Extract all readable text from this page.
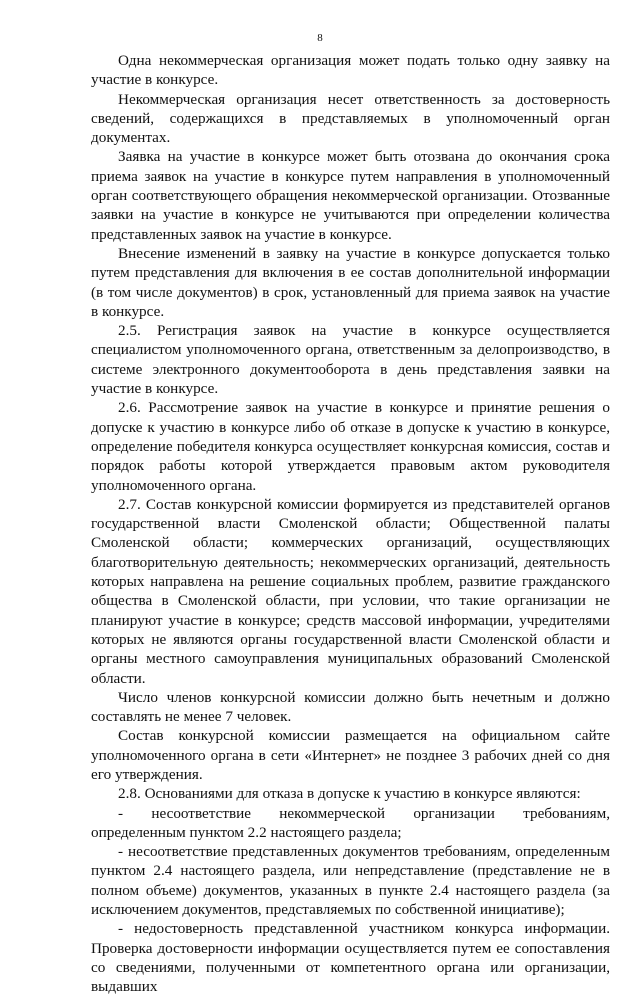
8

Одна некоммерческая организация может подать только одну заявку на участие в конкурсе.

Некоммерческая организация несет ответственность за достоверность сведений, содержащихся в представляемых в уполномоченный орган документах.

Заявка на участие в конкурсе может быть отозвана до окончания срока приема заявок на участие в конкурсе путем направления в уполномоченный орган соответствующего обращения некоммерческой организации. Отозванные заявки на участие в конкурсе не учитываются при определении количества представленных заявок на участие в конкурсе.

Внесение изменений в заявку на участие в конкурсе допускается только путем представления для включения в ее состав дополнительной информации (в том числе документов) в срок, установленный для приема заявок на участие в конкурсе.

2.5. Регистрация заявок на участие в конкурсе осуществляется специалистом уполномоченного органа, ответственным за делопроизводство, в системе электронного документооборота в день представления заявки на участие в конкурсе.

2.6. Рассмотрение заявок на участие в конкурсе и принятие решения о допуске к участию в конкурсе либо об отказе в допуске к участию в конкурсе, определение победителя конкурса осуществляет конкурсная комиссия, состав и порядок работы которой утверждается правовым актом руководителя уполномоченного органа.

2.7. Состав конкурсной комиссии формируется из представителей органов государственной власти Смоленской области; Общественной палаты Смоленской области; коммерческих организаций, осуществляющих благотворительную деятельность; некоммерческих организаций, деятельность которых направлена на решение социальных проблем, развитие гражданского общества в Смоленской области, при условии, что такие организации не планируют участие в конкурсе; средств массовой информации, учредителями которых не являются органы государственной власти Смоленской области и органы местного самоуправления муниципальных образований Смоленской области.

Число членов конкурсной комиссии должно быть нечетным и должно составлять не менее 7 человек.

Состав конкурсной комиссии размещается на официальном сайте уполномоченного органа в сети «Интернет» не позднее 3 рабочих дней со дня его утверждения.

2.8. Основаниями для отказа в допуске к участию в конкурсе являются:

- несоответствие некоммерческой организации требованиям, определенным пунктом 2.2 настоящего раздела;

- несоответствие представленных документов требованиям, определенным пунктом 2.4 настоящего раздела, или непредставление (представление не в полном объеме) документов, указанных в пункте 2.4 настоящего раздела (за исключением документов, представляемых по собственной инициативе);

- недостоверность представленной участником конкурса информации. Проверка достоверности информации осуществляется путем ее сопоставления со сведениями, полученными от компетентного органа или организации, выдавших
